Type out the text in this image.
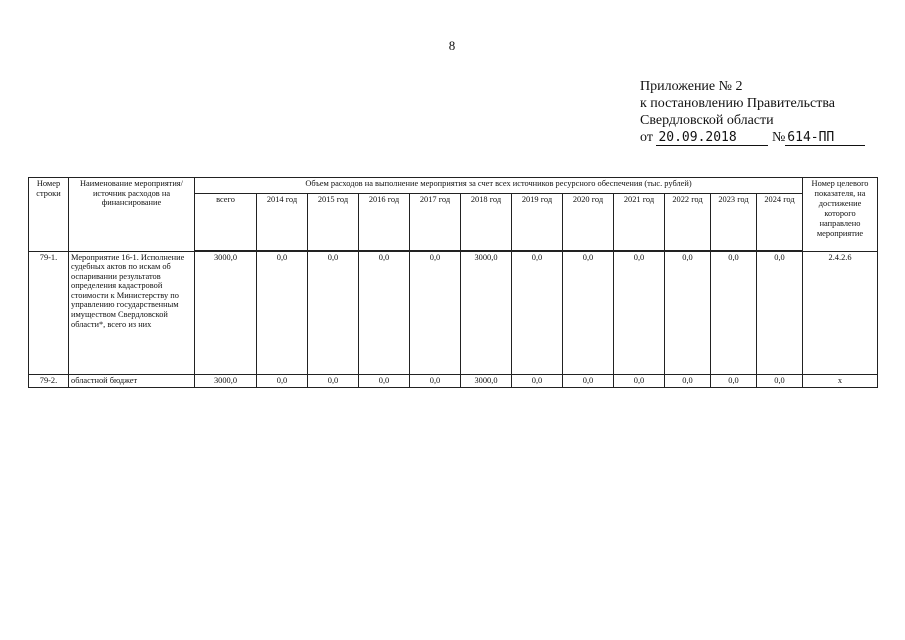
8
Приложение № 2
к постановлению Правительства
Свердловской области
от 20.09.2018	№ 614-ПП
Номер строки	Наименование мероприятия/источник расходов на финансирование	Объем расходов на выполнение мероприятия за счет всех источников ресурсного обеспечения (тыс. рублей)												Номер целевого показателя, на достижение которого направлено мероприятие
		всего	2014 год	2015 год	2016 год	2017 год	2018 год	2019 год	2020 год	2021 год	2022 год	2023 год	2024 год	
79-1.	Мероприятие 16-1. Исполнение судебных актов по искам об оспаривании результатов определения кадастровой стоимости к Министерству по управлению государственным имуществом Свердловской области*, всего из них	3000,0	0,0	0,0	0,0	0,0	3000,0	0,0	0,0	0,0	0,0	0,0	0,0	2.4.2.6
79-2.	областной бюджет	3000,0	0,0	0,0	0,0	0,0	3000,0	0,0	0,0	0,0	0,0	0,0	0,0	х
